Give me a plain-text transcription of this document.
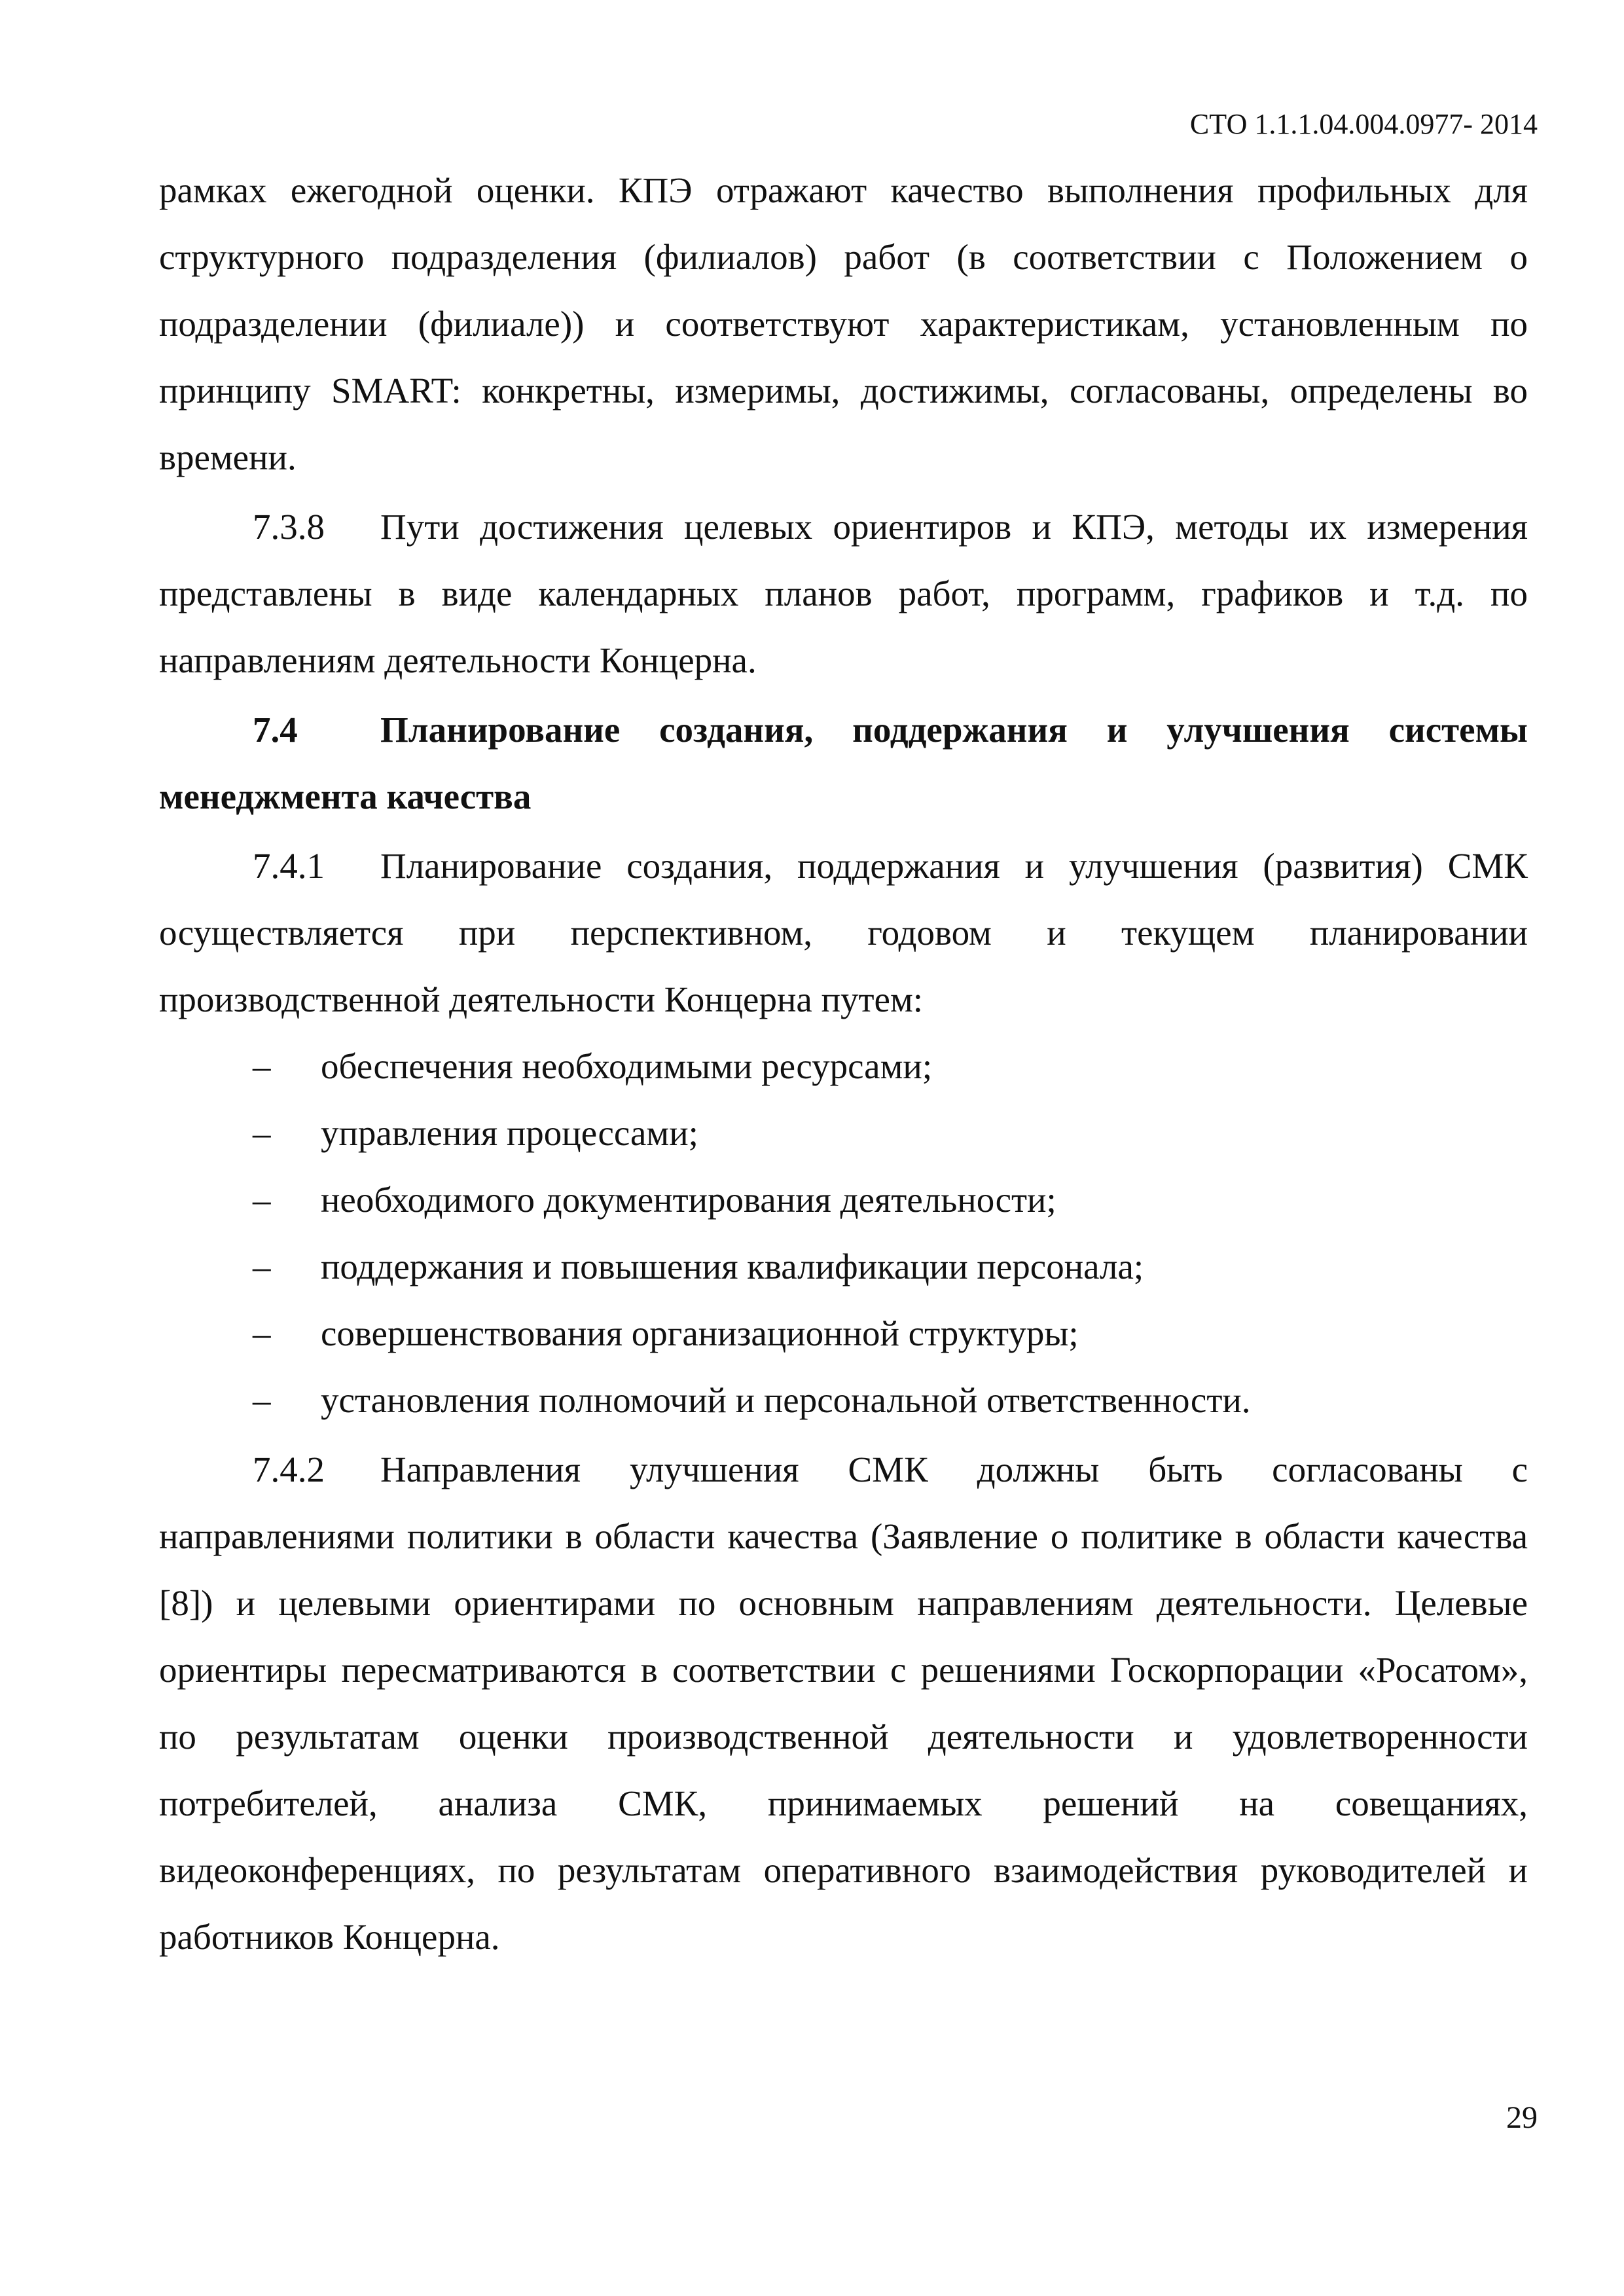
СТО 1.1.1.04.004.0977- 2014

рамках ежегодной оценки. КПЭ отражают качество выполнения профильных для структурного подразделения (филиалов) работ (в соответствии с Положением о подразделении (филиале)) и соответствуют характеристикам, установленным по принципу SMART: конкретны, измеримы, достижимы, согласованы, определены во времени.

7.3.8 Пути достижения целевых ориентиров и КПЭ, методы их измерения представлены в виде календарных планов работ, программ, графиков и т.д. по направлениям деятельности Концерна.

7.4 Планирование создания, поддержания и улучшения системы менеджмента качества

7.4.1 Планирование создания, поддержания и улучшения (развития) СМК осуществляется при перспективном, годовом и текущем планировании производственной деятельности Концерна путем:

– обеспечения необходимыми ресурсами;
– управления процессами;
– необходимого документирования деятельности;
– поддержания и повышения квалификации персонала;
– совершенствования организационной структуры;
– установления полномочий и персональной ответственности.

7.4.2 Направления улучшения СМК должны быть согласованы с направлениями политики в области качества (Заявление о политике в области качества [8]) и целевыми ориентирами по основным направлениям деятельности. Целевые ориентиры пересматриваются в соответствии с решениями Госкорпорации «Росатом», по результатам оценки производственной деятельности и удовлетворенности потребителей, анализа СМК, принимаемых решений на совещаниях, видеоконференциях, по результатам оперативного взаимодействия руководителей и работников Концерна.

29
